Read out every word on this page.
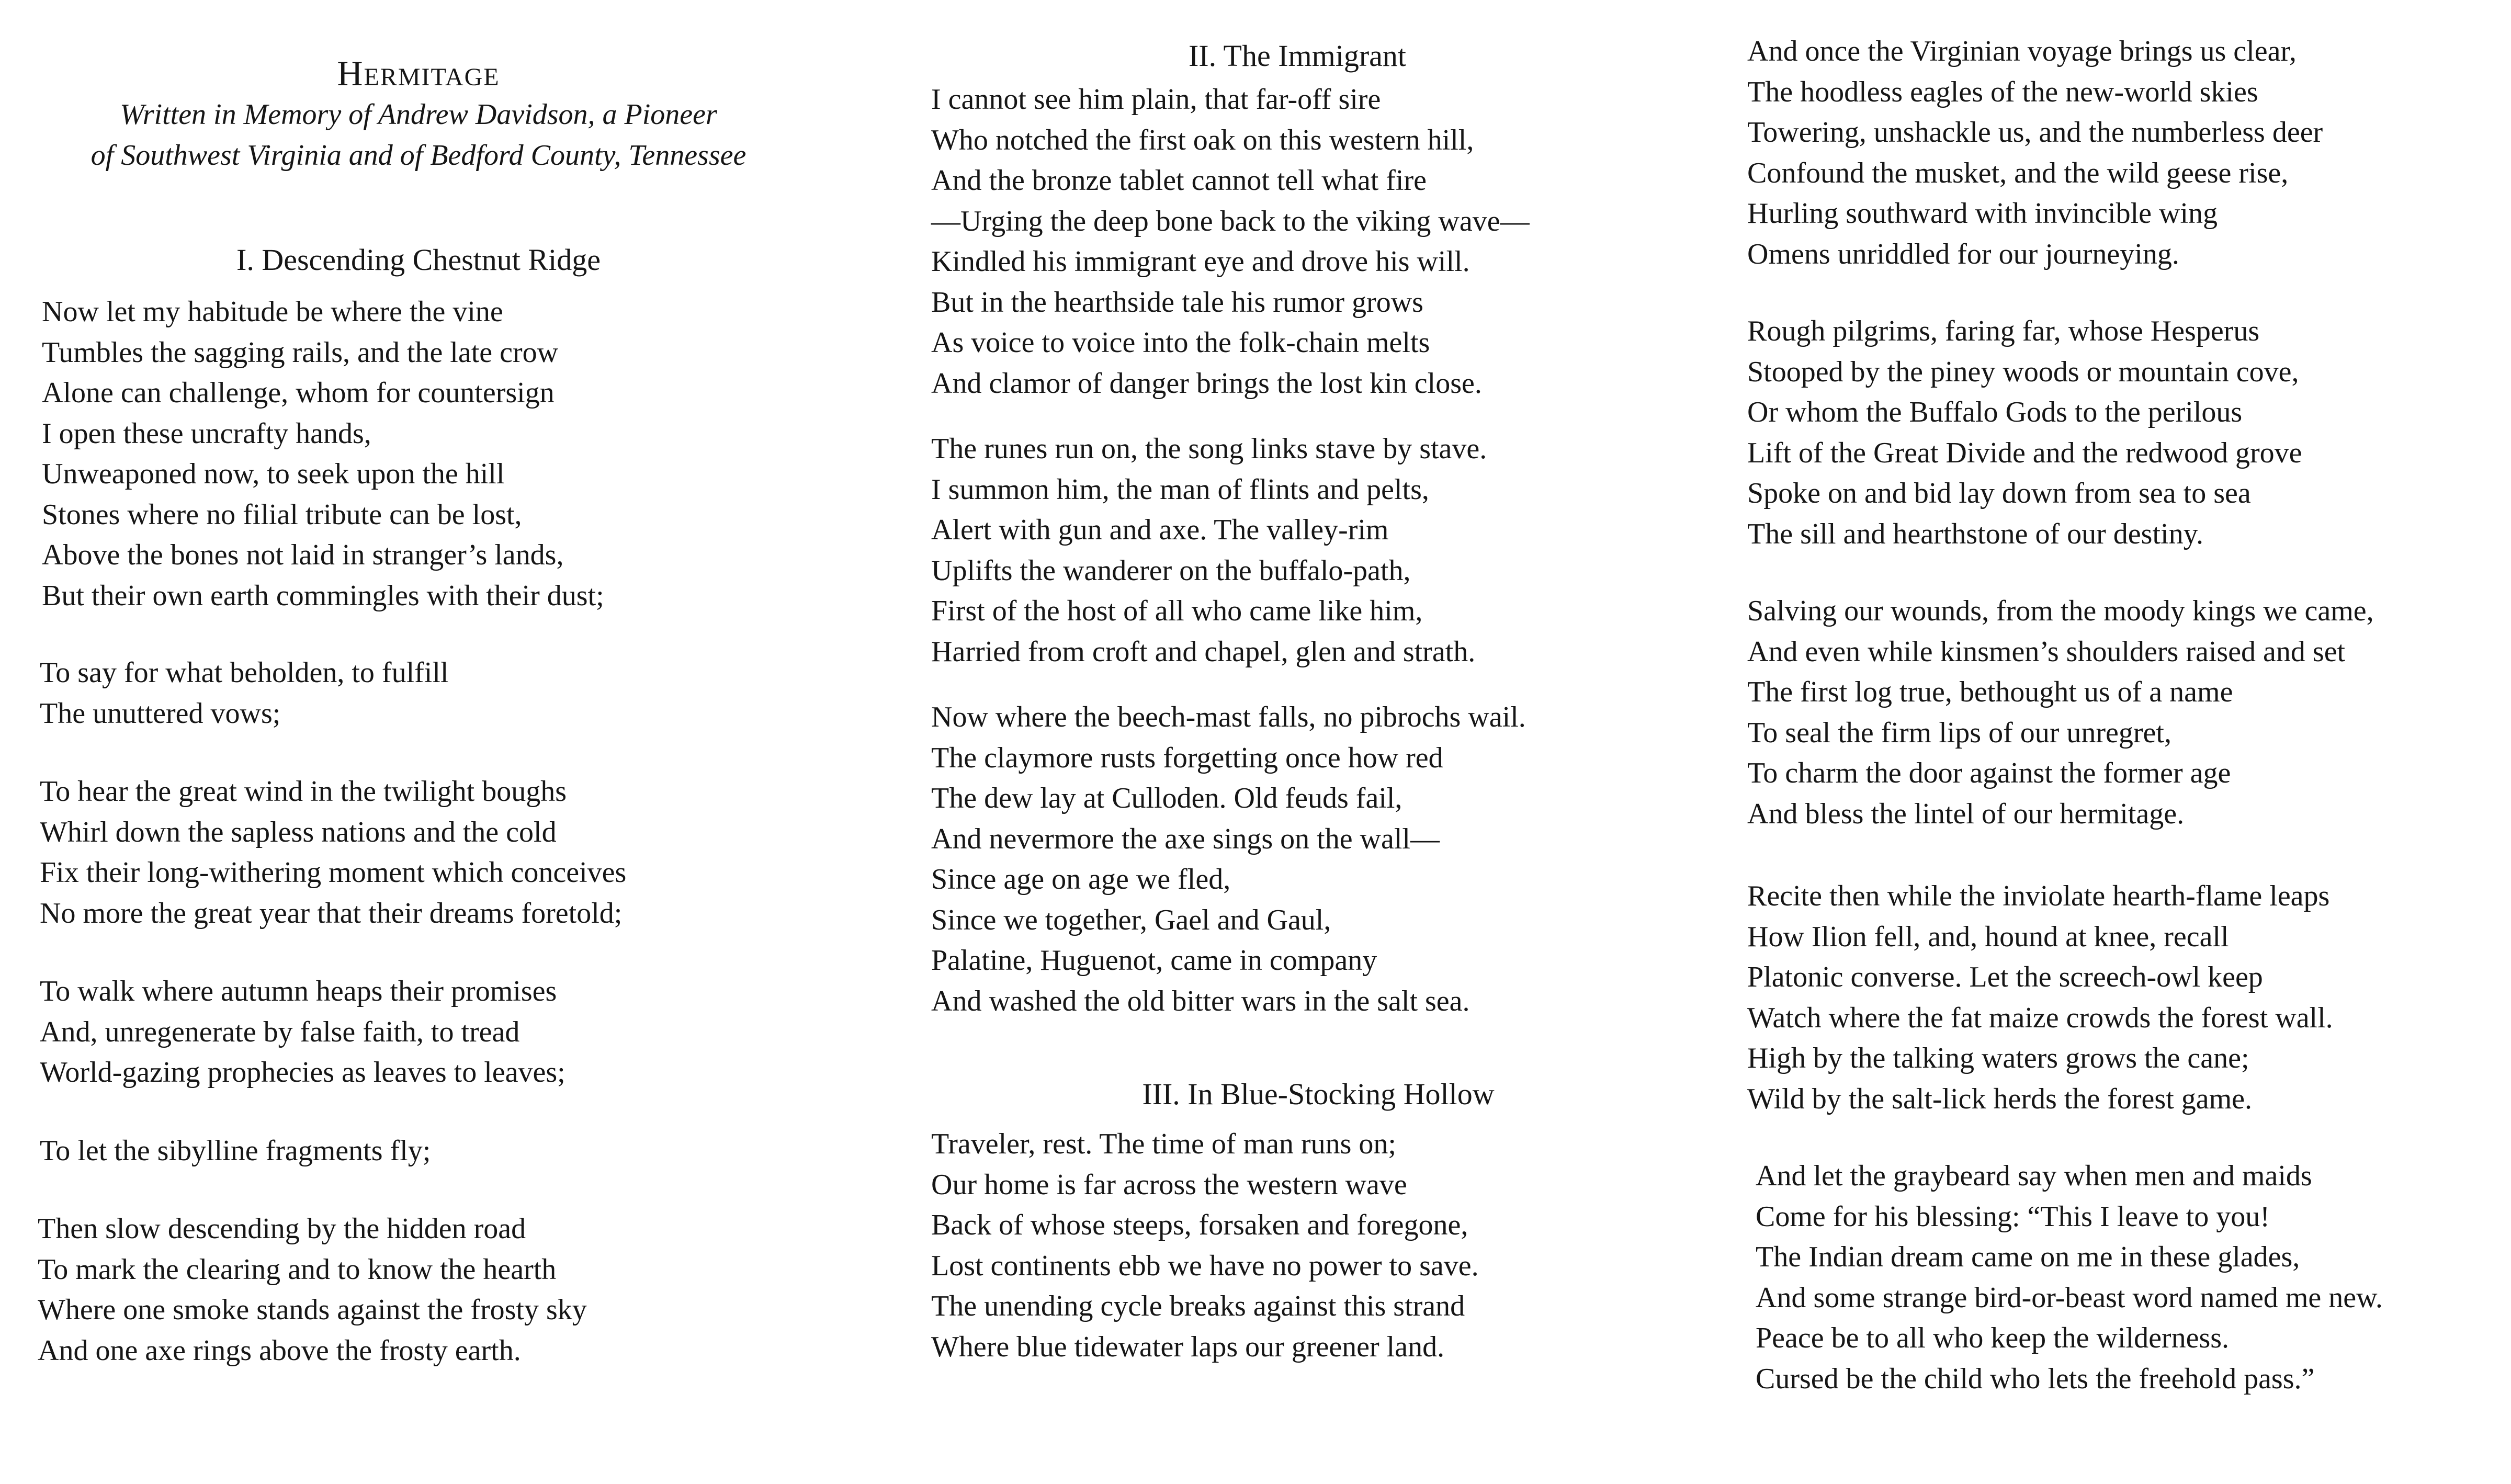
Hermitage
Written in Memory of Andrew Davidson, a Pioneer
of Southwest Virginia and of Bedford County, Tennessee
I. Descending Chestnut Ridge
Now let my habitude be where the vine
Tumbles the sagging rails, and the late crow
Alone can challenge, whom for countersign
I open these uncrafty hands,
Unweaponed now, to seek upon the hill
Stones where no filial tribute can be lost,
Above the bones not laid in stranger’s lands,
But their own earth commingles with their dust;
To say for what beholden, to fulfill
The unuttered vows;
To hear the great wind in the twilight boughs
Whirl down the sapless nations and the cold
Fix their long-withering moment which conceives
No more the great year that their dreams foretold;
To walk where autumn heaps their promises
And, unregenerate by false faith, to tread
World-gazing prophecies as leaves to leaves;
To let the sibylline fragments fly;
Then slow descending by the hidden road
To mark the clearing and to know the hearth
Where one smoke stands against the frosty sky
And one axe rings above the frosty earth.
II. The Immigrant
I cannot see him plain, that far-off sire
Who notched the first oak on this western hill,
And the bronze tablet cannot tell what fire
—Urging the deep bone back to the viking wave—
Kindled his immigrant eye and drove his will.
But in the hearthside tale his rumor grows
As voice to voice into the folk-chain melts
And clamor of danger brings the lost kin close.
The runes run on, the song links stave by stave.
I summon him, the man of flints and pelts,
Alert with gun and axe. The valley-rim
Uplifts the wanderer on the buffalo-path,
First of the host of all who came like him,
Harried from croft and chapel, glen and strath.
Now where the beech-mast falls, no pibrochs wail.
The claymore rusts forgetting once how red
The dew lay at Culloden. Old feuds fail,
And nevermore the axe sings on the wall—
Since age on age we fled,
Since we together, Gael and Gaul,
Palatine, Huguenot, came in company
And washed the old bitter wars in the salt sea.
III. In Blue-Stocking Hollow
Traveler, rest. The time of man runs on;
Our home is far across the western wave
Back of whose steeps, forsaken and foregone,
Lost continents ebb we have no power to save.
The unending cycle breaks against this strand
Where blue tidewater laps our greener land.
And once the Virginian voyage brings us clear,
The hoodless eagles of the new-world skies
Towering, unshackle us, and the numberless deer
Confound the musket, and the wild geese rise,
Hurling southward with invincible wing
Omens unriddled for our journeying.
Rough pilgrims, faring far, whose Hesperus
Stooped by the piney woods or mountain cove,
Or whom the Buffalo Gods to the perilous
Lift of the Great Divide and the redwood grove
Spoke on and bid lay down from sea to sea
The sill and hearthstone of our destiny.
Salving our wounds, from the moody kings we came,
And even while kinsmen’s shoulders raised and set
The first log true, bethought us of a name
To seal the firm lips of our unregret,
To charm the door against the former age
And bless the lintel of our hermitage.
Recite then while the inviolate hearth-flame leaps
How Ilion fell, and, hound at knee, recall
Platonic converse. Let the screech-owl keep
Watch where the fat maize crowds the forest wall.
High by the talking waters grows the cane;
Wild by the salt-lick herds the forest game.
And let the graybeard say when men and maids
Come for his blessing: “This I leave to you!
The Indian dream came on me in these glades,
And some strange bird-or-beast word named me new.
Peace be to all who keep the wilderness.
Cursed be the child who lets the freehold pass.”
